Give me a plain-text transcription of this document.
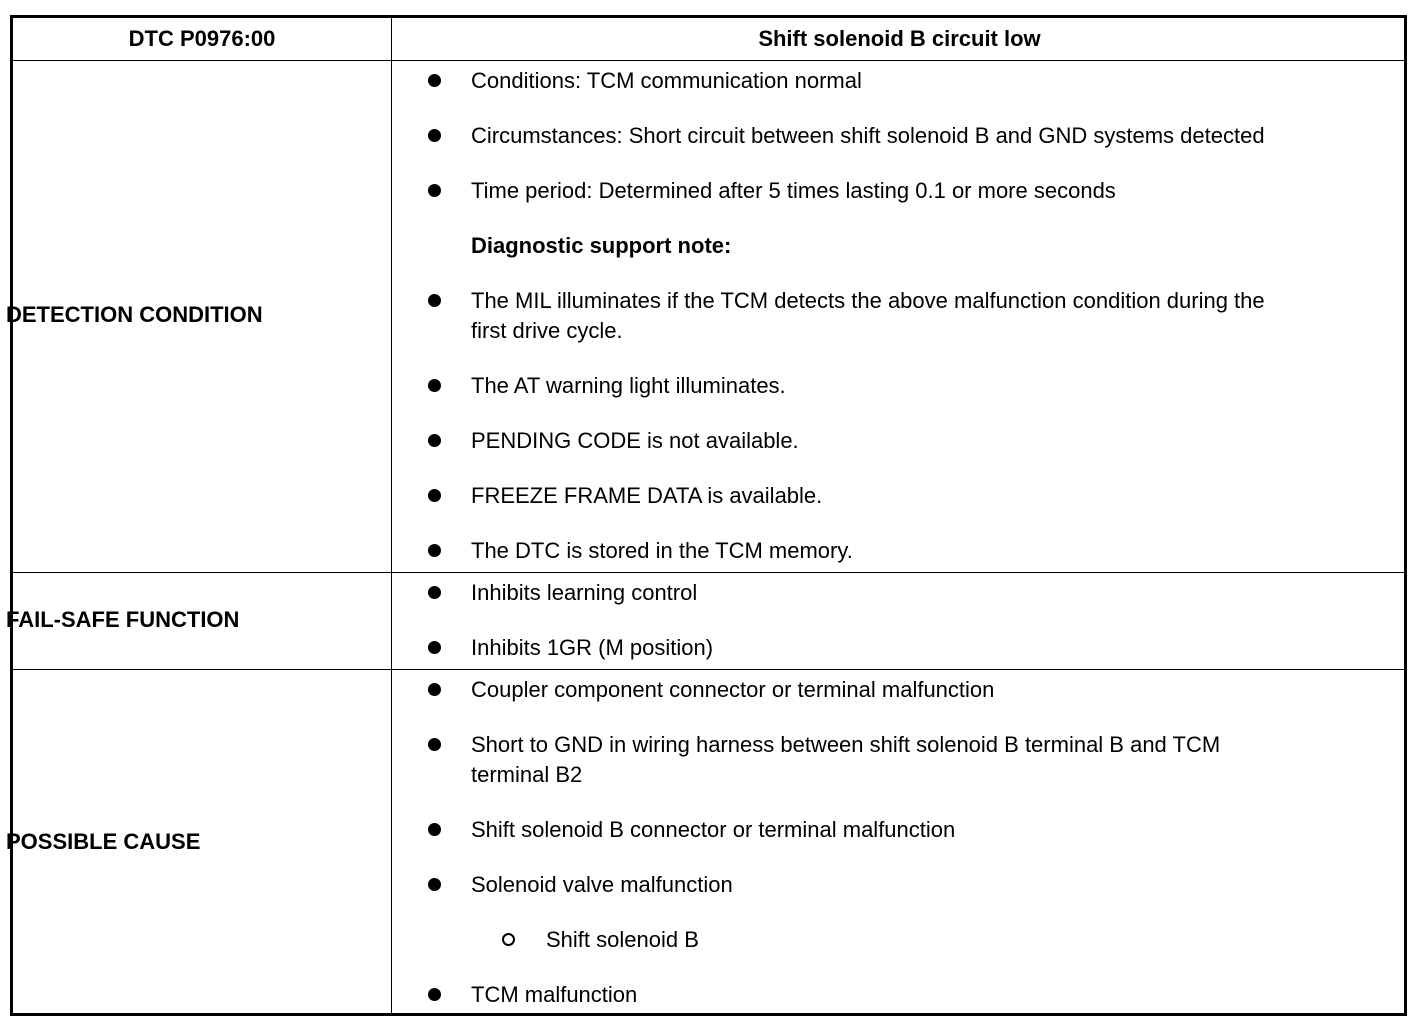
DTC P0976:00	Shift solenoid B circuit low
DETECTION CONDITION
Conditions: TCM communication normal
Circumstances: Short circuit between shift solenoid B and GND systems detected
Time period: Determined after 5 times lasting 0.1 or more seconds
Diagnostic support note:
The MIL illuminates if the TCM detects the above malfunction condition during the
first drive cycle.
The AT warning light illuminates.
PENDING CODE is not available.
FREEZE FRAME DATA is available.
The DTC is stored in the TCM memory.
FAIL-SAFE FUNCTION
Inhibits learning control
Inhibits 1GR (M position)
POSSIBLE CAUSE
Coupler component connector or terminal malfunction
Short to GND in wiring harness between shift solenoid B terminal B and TCM
terminal B2
Shift solenoid B connector or terminal malfunction
Solenoid valve malfunction
Shift solenoid B
TCM malfunction
